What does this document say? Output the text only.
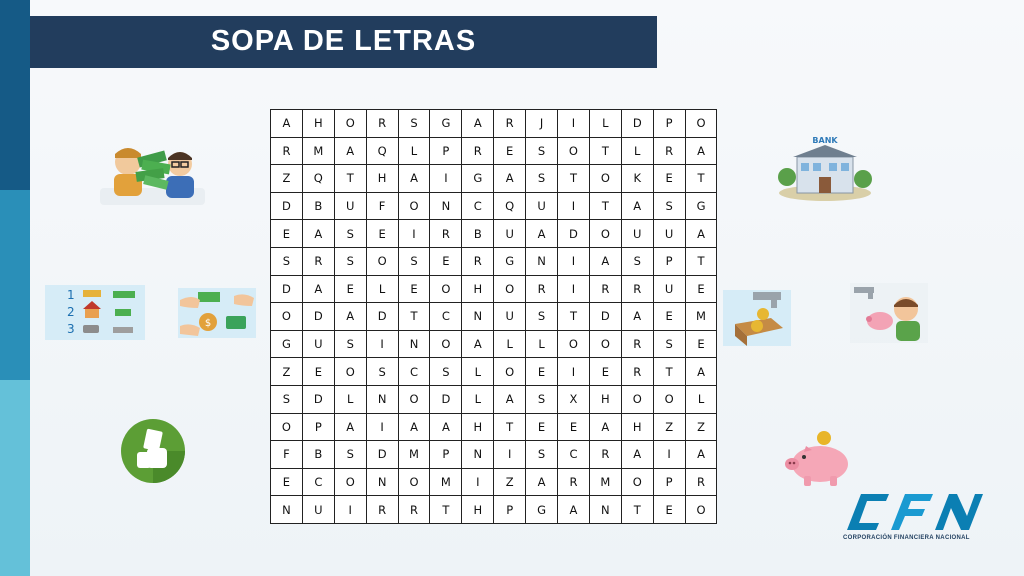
SOPA DE LETRAS
A	H	O	R	S	G	A	R	J	I	L	D	P	O
R	M	A	Q	L	P	R	E	S	O	T	L	R	A
Z	Q	T	H	A	I	G	A	S	T	O	K	E	T
D	B	U	F	O	N	C	Q	U	I	T	A	S	G
E	A	S	E	I	R	B	U	A	D	O	U	U	A
S	R	S	O	S	E	R	G	N	I	A	S	P	T
D	A	E	L	E	O	H	O	R	I	R	R	U	E
O	D	A	D	T	C	N	U	S	T	D	A	E	M
G	U	S	I	N	O	A	L	L	O	O	R	S	E
Z	E	O	S	C	S	L	O	E	I	E	R	T	A
S	D	L	N	O	D	L	A	S	X	H	O	O	L
O	P	A	I	A	A	H	T	E	E	A	H	Z	Z
F	B	S	D	M	P	N	I	S	C	R	A	I	A
E	C	O	N	O	M	I	Z	A	R	M	O	P	R
N	U	I	R	R	T	H	P	G	A	N	T	E	O
BANK
1
2
3	$
CORPORACIÓN FINANCIERA NACIONAL
